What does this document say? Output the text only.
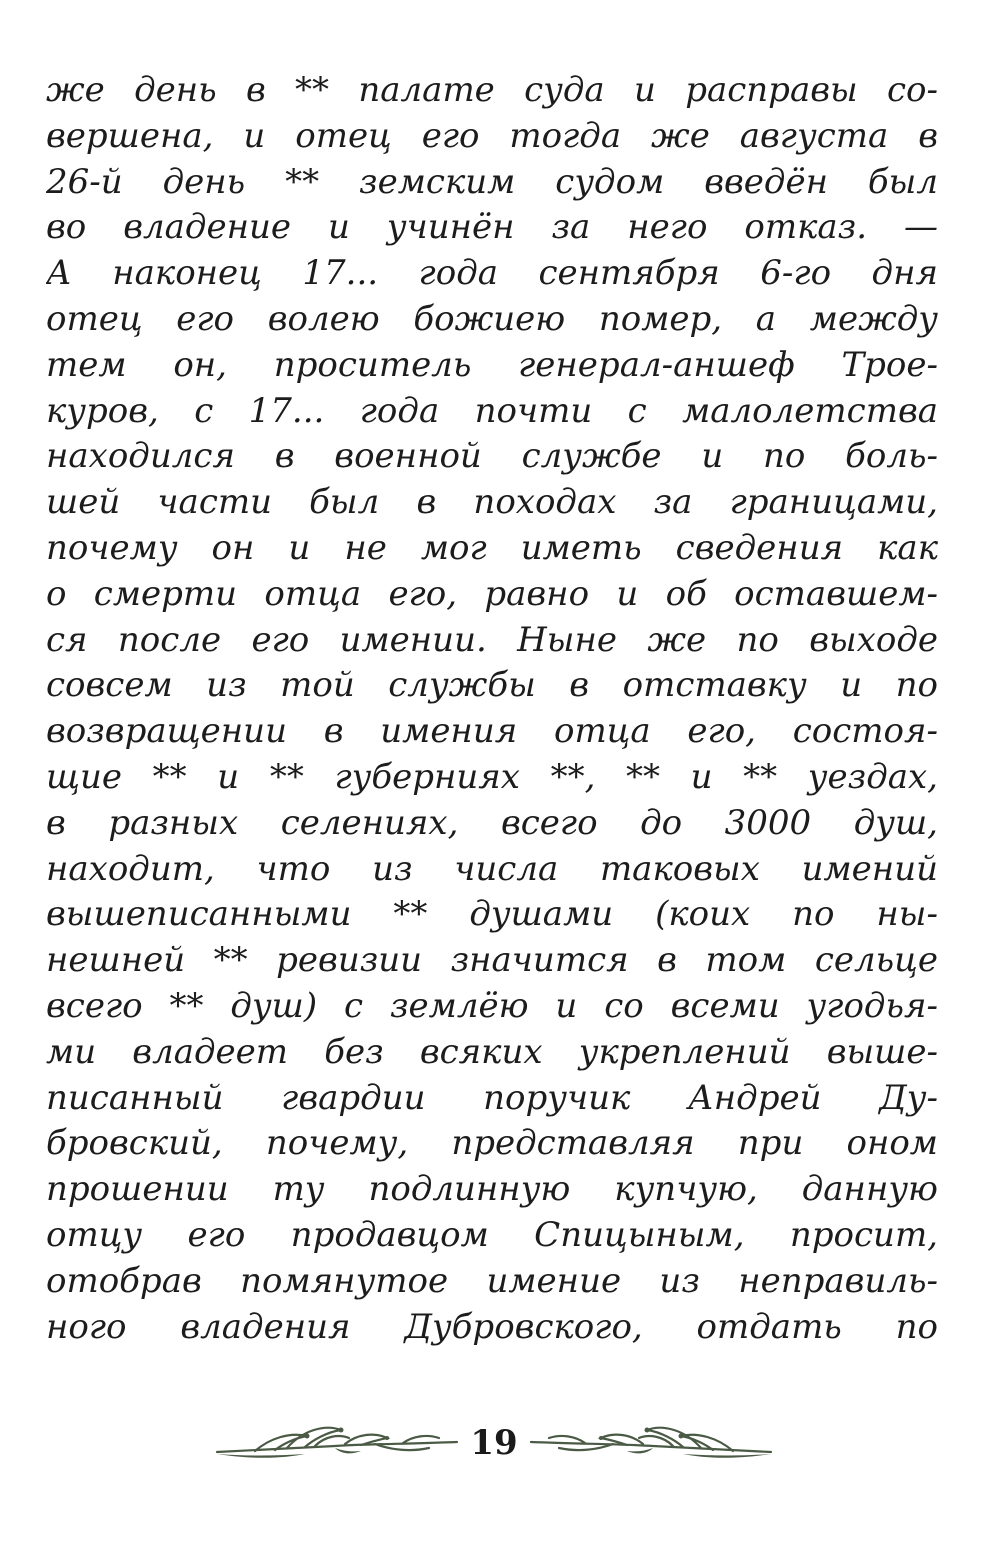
же день в ** палате суда и расправы со-
вершена, и отец его тогда же августа в
26-й день ** земским судом введён был
во владение и учинён за него отказ. —
А наконец 17... года сентября 6-го дня
отец его волею божиею помер, а между
тем он, проситель генерал-аншеф Трое-
куров, с 17... года почти с малолетства
находился в военной службе и по боль-
шей части был в походах за границами,
почему он и не мог иметь сведения как
о смерти отца его, равно и об оставшем-
ся после его имении. Ныне же по выходе
совсем из той службы в отставку и по
возвращении в имения отца его, состоя-
щие ** и ** губерниях **, ** и ** уездах,
в разных селениях, всего до 3000 душ,
находит, что из числа таковых имений
вышеписанными ** душами (коих по ны-
нешней ** ревизии значится в том сельце
всего ** душ) с землёю и со всеми угодья-
ми владеет без всяких укреплений выше-
писанный гвардии поручик Андрей Ду-
бровский, почему, представляя при оном
прошении ту подлинную купчую, данную
отцу его продавцом Спицыным, просит,
отобрав помянутое имение из неправиль-
ного владения Дубровского, отдать по
19
